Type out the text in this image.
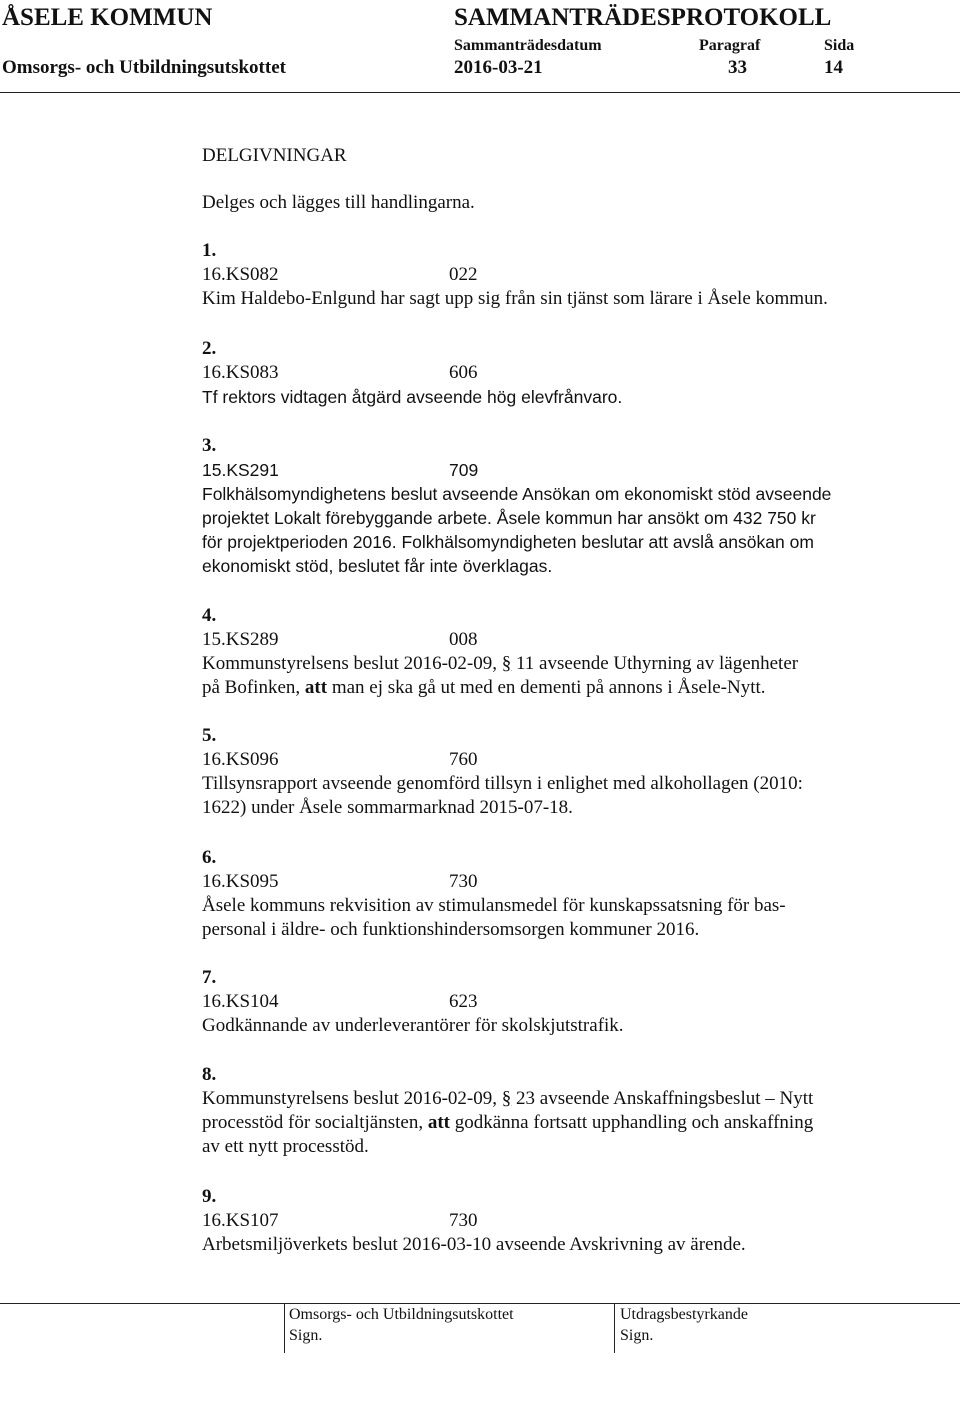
ÅSELE KOMMUN	SAMMANTRÄDESPROTOKOLL
Sammanträdesdatum	Paragraf	Sida
Omsorgs- och Utbildningsutskottet	2016-03-21	33	14
DELGIVNINGAR
Delges och lägges till handlingarna.
1.
16.KS082	022
Kim Haldebo-Enlgund har sagt upp sig från sin tjänst som lärare i Åsele kommun.
2.
16.KS083	606
Tf rektors vidtagen åtgärd avseende hög elevfrånvaro.
3.
15.KS291	709
Folkhälsomyndighetens beslut avseende Ansökan om ekonomiskt stöd avseende
projektet Lokalt förebyggande arbete. Åsele kommun har ansökt om 432 750 kr
för projektperioden 2016. Folkhälsomyndigheten beslutar att avslå ansökan om
ekonomiskt stöd, beslutet får inte överklagas.
4.
15.KS289	008
Kommunstyrelsens beslut 2016-02-09, § 11 avseende Uthyrning av lägenheter
på Bofinken, att man ej ska gå ut med en dementi på annons i Åsele-Nytt.
5.
16.KS096	760
Tillsynsrapport avseende genomförd tillsyn i enlighet med alkohollagen (2010:
1622) under Åsele sommarmarknad 2015-07-18.
6.
16.KS095	730
Åsele kommuns rekvisition av stimulansmedel för kunskapssatsning för bas-
personal i äldre- och funktionshindersomsorgen kommuner 2016.
7.
16.KS104	623
Godkännande av underleverantörer för skolskjutstrafik.
8.
Kommunstyrelsens beslut 2016-02-09, § 23 avseende Anskaffningsbeslut – Nytt
processtöd för socialtjänsten, att godkänna fortsatt upphandling och anskaffning
av ett nytt processtöd.
9.
16.KS107	730
Arbetsmiljöverkets beslut 2016-03-10 avseende Avskrivning av ärende.
Omsorgs- och Utbildningsutskottet
Sign.
Utdragsbestyrkande
Sign.
